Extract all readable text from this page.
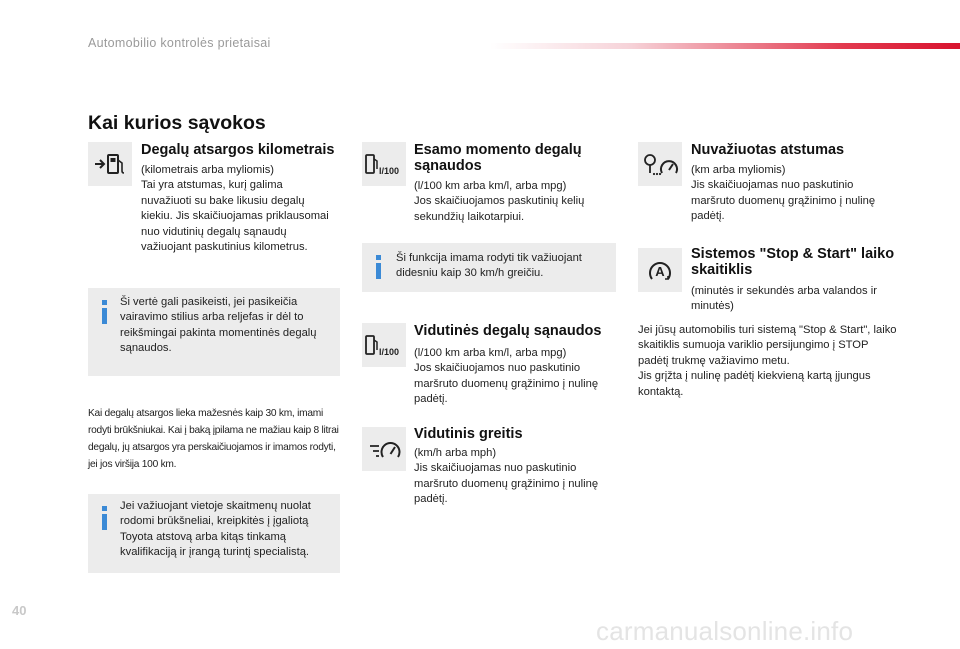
Automobilio kontrolės prietaisai
Kai kurios sąvokos
Degalų atsargos kilometrais
(kilometrais arba myliomis)
Tai yra atstumas, kurį galima nuvažiuoti su bake likusiu degalų kiekiu. Jis skaičiuojamas priklausomai nuo vidutinių degalų sąnaudų važiuojant paskutinius kilometrus.
Ši vertė gali pasikeisti, jei pasikeičia vairavimo stilius arba reljefas ir dėl to reikšmingai pakinta momentinės degalų sąnaudos.
Kai degalų atsargos lieka mažesnės kaip 30 km, imami rodyti brūkšniukai. Kai į baką įpilama ne mažiau kaip 8 litrai degalų, jų atsargos yra perskaičiuojamos ir imamos rodyti, jei jos viršija 100 km.
Jei važiuojant vietoje skaitmenų nuolat rodomi brūkšneliai, kreipkitės į įgaliotą Toyota atstovą arba kitąs tinkamą kvalifikaciją ir įrangą turintį specialistą.
l/100
Esamo momento degalų sąnaudos
(l/100 km arba km/l, arba mpg)
Jos skaičiuojamos paskutinių kelių sekundžių laikotarpiui.
Ši funkcija imama rodyti tik važiuojant didesniu kaip 30 km/h greičiu.
l/100
Vidutinės degalų sąnaudos
(l/100 km arba km/l, arba mpg)
Jos skaičiuojamos nuo paskutinio maršruto duomenų grąžinimo į nulinę padėtį.
Vidutinis greitis
(km/h arba mph)
Jis skaičiuojamas nuo paskutinio maršruto duomenų grąžinimo į nulinę padėtį.
Nuvažiuotas atstumas
(km arba myliomis)
Jis skaičiuojamas nuo paskutinio maršruto duomenų grąžinimo į nulinę padėtį.
A
Sistemos "Stop & Start" laiko skaitiklis
(minutės ir sekundės arba valandos ir minutės)
Jei jūsų automobilis turi sistemą "Stop & Start", laiko skaitiklis sumuoja variklio persijungimo į STOP padėtį trukmę važiavimo metu.
Jis grįžta į nulinę padėtį kiekvieną kartą įjungus kontaktą.
40
carmanualsonline.info
